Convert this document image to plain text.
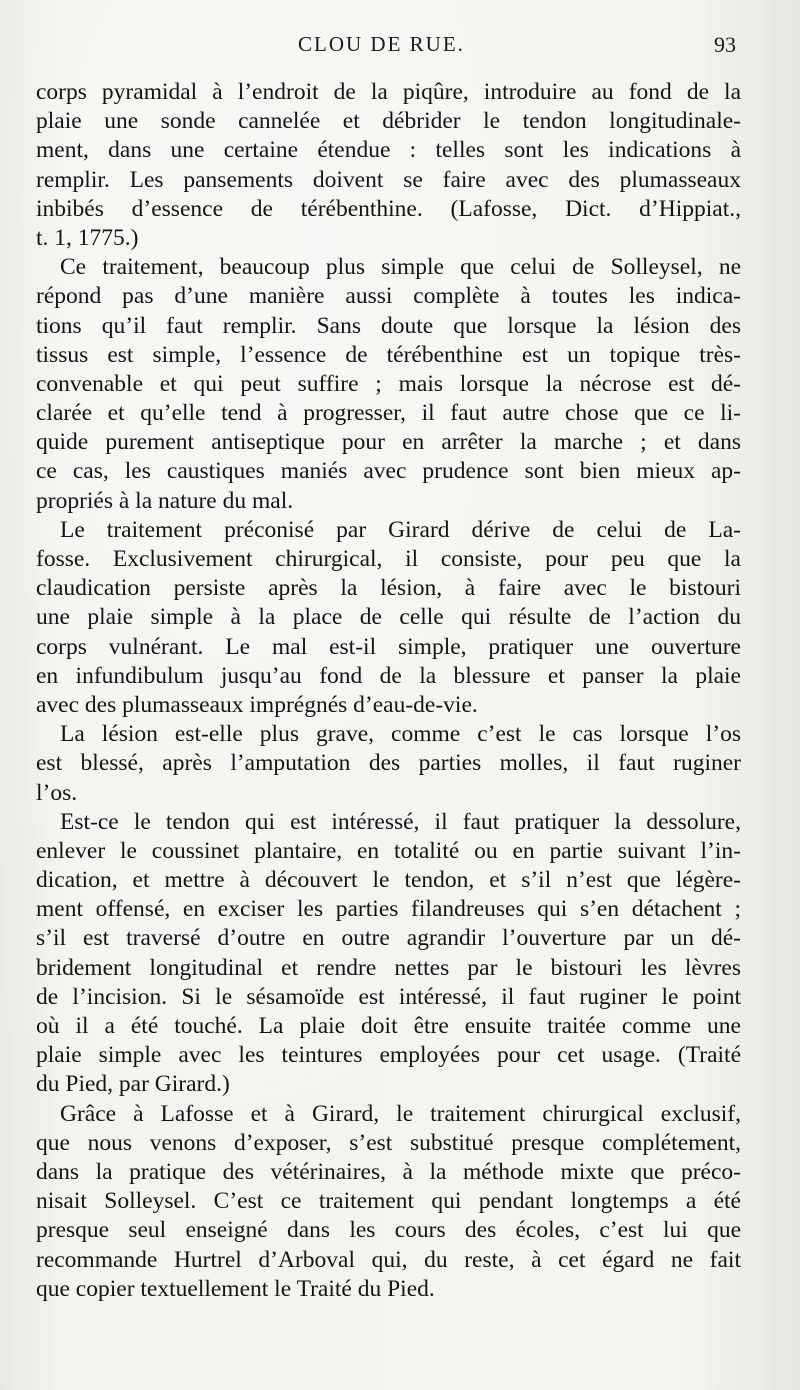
CLOU DE RUE.	93
corps pyramidal à l’endroit de la piqûre, introduire au fond de la
plaie une sonde cannelée et débrider le tendon longitudinale-
ment, dans une certaine étendue : telles sont les indications à
remplir. Les pansements doivent se faire avec des plumasseaux
inbibés d’essence de térébenthine. (Lafosse, Dict. d’Hippiat.,
t. 1, 1775.)
Ce traitement, beaucoup plus simple que celui de Solleysel, ne
répond pas d’une manière aussi complète à toutes les indica-
tions qu’il faut remplir. Sans doute que lorsque la lésion des
tissus est simple, l’essence de térébenthine est un topique très-
convenable et qui peut suffire ; mais lorsque la nécrose est dé-
clarée et qu’elle tend à progresser, il faut autre chose que ce li-
quide purement antiseptique pour en arrêter la marche ; et dans
ce cas, les caustiques maniés avec prudence sont bien mieux ap-
propriés à la nature du mal.
Le traitement préconisé par Girard dérive de celui de La-
fosse. Exclusivement chirurgical, il consiste, pour peu que la
claudication persiste après la lésion, à faire avec le bistouri
une plaie simple à la place de celle qui résulte de l’action du
corps vulnérant. Le mal est-il simple, pratiquer une ouverture
en infundibulum jusqu’au fond de la blessure et panser la plaie
avec des plumasseaux imprégnés d’eau-de-vie.
La lésion est-elle plus grave, comme c’est le cas lorsque l’os
est blessé, après l’amputation des parties molles, il faut ruginer
l’os.
Est-ce le tendon qui est intéressé, il faut pratiquer la dessolure,
enlever le coussinet plantaire, en totalité ou en partie suivant l’in-
dication, et mettre à découvert le tendon, et s’il n’est que légère-
ment offensé, en exciser les parties filandreuses qui s’en détachent ;
s’il est traversé d’outre en outre agrandir l’ouverture par un dé-
bridement longitudinal et rendre nettes par le bistouri les lèvres
de l’incision. Si le sésamoïde est intéressé, il faut ruginer le point
où il a été touché. La plaie doit être ensuite traitée comme une
plaie simple avec les teintures employées pour cet usage. (Traité
du Pied, par Girard.)
Grâce à Lafosse et à Girard, le traitement chirurgical exclusif,
que nous venons d’exposer, s’est substitué presque complétement,
dans la pratique des vétérinaires, à la méthode mixte que préco-
nisait Solleysel. C’est ce traitement qui pendant longtemps a été
presque seul enseigné dans les cours des écoles, c’est lui que
recommande Hurtrel d’Arboval qui, du reste, à cet égard ne fait
que copier textuellement le Traité du Pied.
